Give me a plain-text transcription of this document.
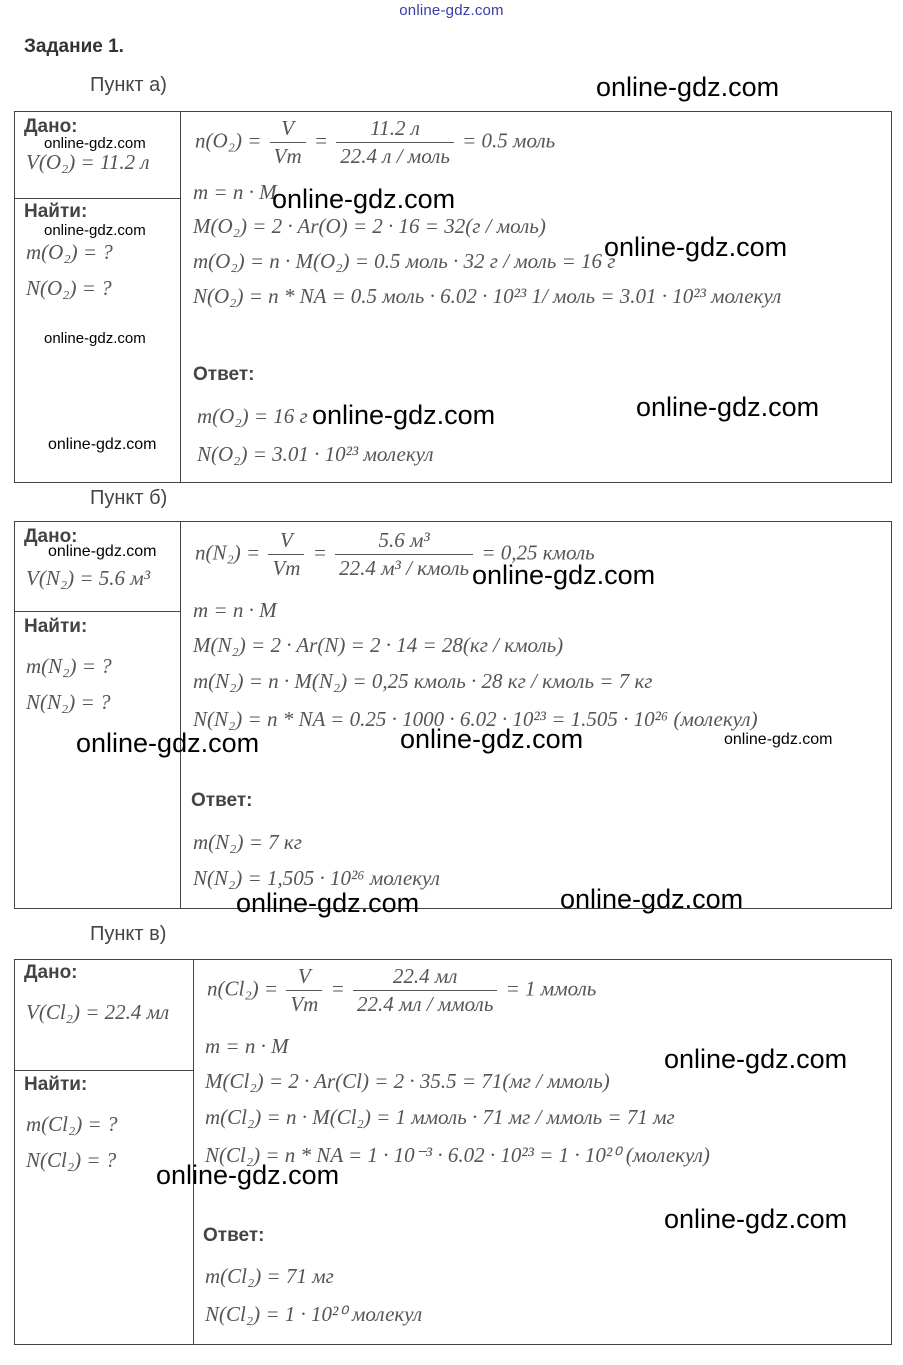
online-gdz.com
Задание 1.
Пункт а)
Дано:
V(O₂) = 11.2 л
Найти:
m(O₂) = ?
N(O₂) = ?
$n(O_2) = \frac{V}{Vm} = \frac{11.2 л}{\text{22.4 л / моль}} = 0.5$ моль
m = n · M
M(O₂) = 2 · Ar(O) = 2 · 16 = 32(г / моль)
m(O₂) = n · M(O₂) = 0.5 моль · 32 г / моль = 16 г
N(O₂) = n * NA = 0.5 моль · 6.02 · 10²³ 1/ моль = 3.01 · 10²³ молекул
Ответ:
m(O₂) = 16 г
N(O₂) = 3.01 · 10²³ молекул
Пункт б)
Дано:
V(N₂) = 5.6 м³
Найти:
m(N₂) = ?
N(N₂) = ?
$n(N_2) = \frac{V}{Vm} = \frac{\text{5.6 м³}}{\text{22.4 м³ / кмоль}} = 0,25$ кмоль
m = n · M
M(N₂) = 2 · Ar(N) = 2 · 14 = 28(кг / кмоль)
m(N₂) = n · M(N₂) = 0,25 кмоль · 28 кг / кмоль = 7 кг
N(N₂) = n * NA = 0.25 · 1000 · 6.02 · 10²³ = 1.505 · 10²⁶ (молекул)
Ответ:
m(N₂) = 7 кг
N(N₂) = 1,505 · 10²⁶ молекул
Пункт в)
Дано:
V(Cl₂) = 22.4 мл
Найти:
m(Cl₂) = ?
N(Cl₂) = ?
$n(Cl_2) = \frac{V}{Vm} = \frac{22.4 мл}{\text{22.4 мл / ммоль}} = 1$ ммоль
m = n · M
M(Cl₂) = 2 · Ar(Cl) = 2 · 35.5 = 71(мг / ммоль)
m(Cl₂) = n · M(Cl₂) = 1 ммоль · 71 мг / ммоль = 71 мг
N(Cl₂) = n * NA = 1 · 10⁻³ · 6.02 · 10²³ = 1 · 10²⁰ (молекул)
Ответ:
m(Cl₂) = 71 мг
N(Cl₂) = 1 · 10²⁰ молекул
online-gdz.com
online-gdz.com
online-gdz.com
online-gdz.com
online-gdz.com
online-gdz.com
online-gdz.com
online-gdz.com
online-gdz.com
online-gdz.com
online-gdz.com
online-gdz.com
online-gdz.com
online-gdz.com
online-gdz.com
online-gdz.com
online-gdz.com
online-gdz.com
online-gdz.com
